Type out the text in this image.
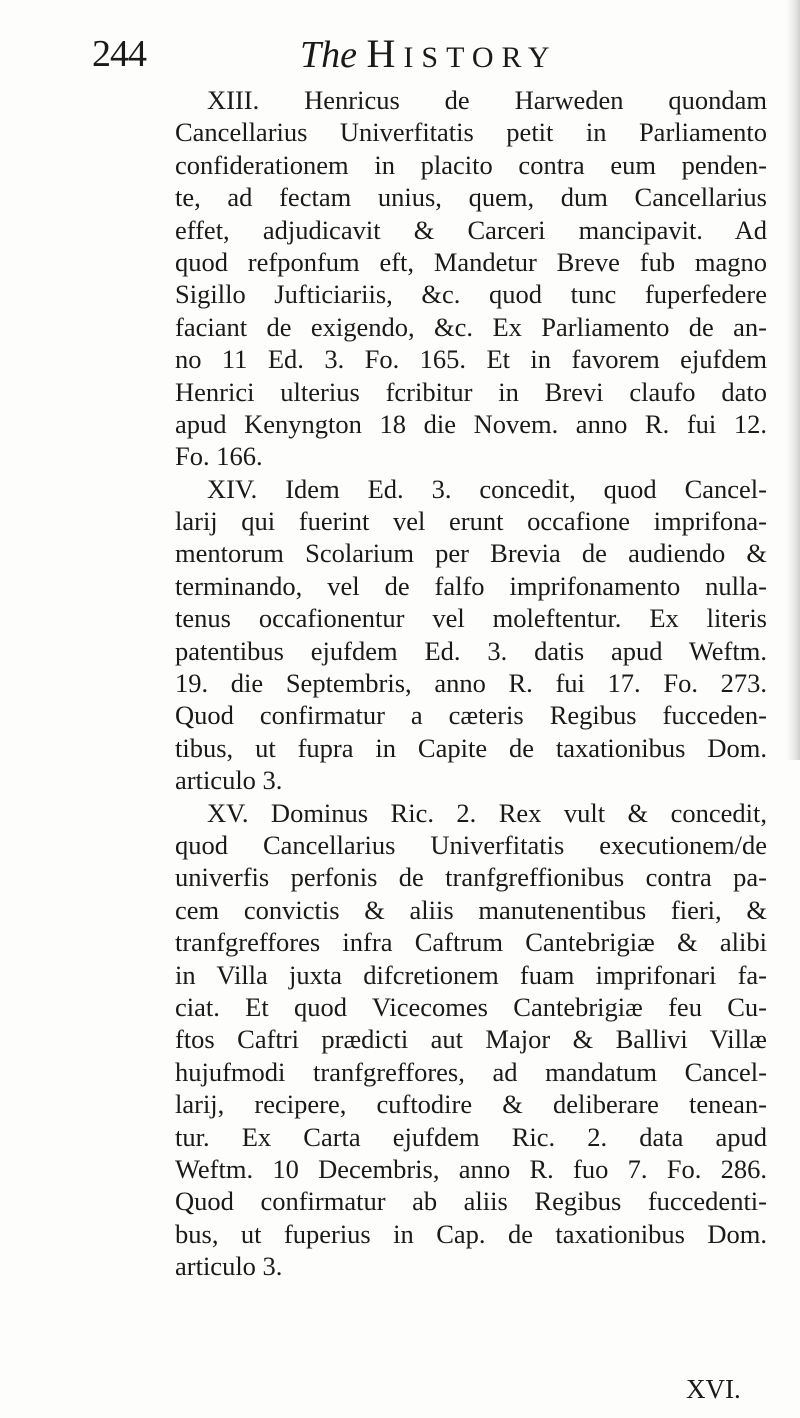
244	The HISTORY
XIII. Henricus de Harweden quondam
Cancellarius Univerfitatis petit in Parliamento
confiderationem in placito contra eum penden-
te, ad fectam unius, quem, dum Cancellarius
effet, adjudicavit & Carceri mancipavit. Ad
quod refponfum eft, Mandetur Breve fub magno
Sigillo Jufticiariis, &c. quod tunc fuperfedere
faciant de exigendo, &c. Ex Parliamento de an-
no 11 Ed. 3. Fo. 165. Et in favorem ejufdem
Henrici ulterius fcribitur in Brevi claufo dato
apud Kenyngton 18 die Novem. anno R. fui 12.
Fo. 166.
XIV. Idem Ed. 3. concedit, quod Cancel-
larij qui fuerint vel erunt occafione imprifona-
mentorum Scolarium per Brevia de audiendo &
terminando, vel de falfo imprifonamento nulla-
tenus occafionentur vel moleftentur. Ex literis
patentibus ejufdem Ed. 3. datis apud Weftm.
19. die Septembris, anno R. fui 17. Fo. 273.
Quod confirmatur a cæteris Regibus fucceden-
tibus, ut fupra in Capite de taxationibus Dom.
articulo 3.
XV. Dominus Ric. 2. Rex vult & concedit,
quod Cancellarius Univerfitatis executionem/de
univerfis perfonis de tranfgreffionibus contra pa-
cem convictis & aliis manutenentibus fieri, &
tranfgreffores infra Caftrum Cantebrigiæ & alibi
in Villa juxta difcretionem fuam imprifonari fa-
ciat. Et quod Vicecomes Cantebrigiæ feu Cu-
ftos Caftri prædicti aut Major & Ballivi Villæ
hujufmodi tranfgreffores, ad mandatum Cancel-
larij, recipere, cuftodire & deliberare tenean-
tur. Ex Carta ejufdem Ric. 2. data apud
Weftm. 10 Decembris, anno R. fuo 7. Fo. 286.
Quod confirmatur ab aliis Regibus fuccedenti-
bus, ut fuperius in Cap. de taxationibus Dom.
articulo 3.
XVI.
